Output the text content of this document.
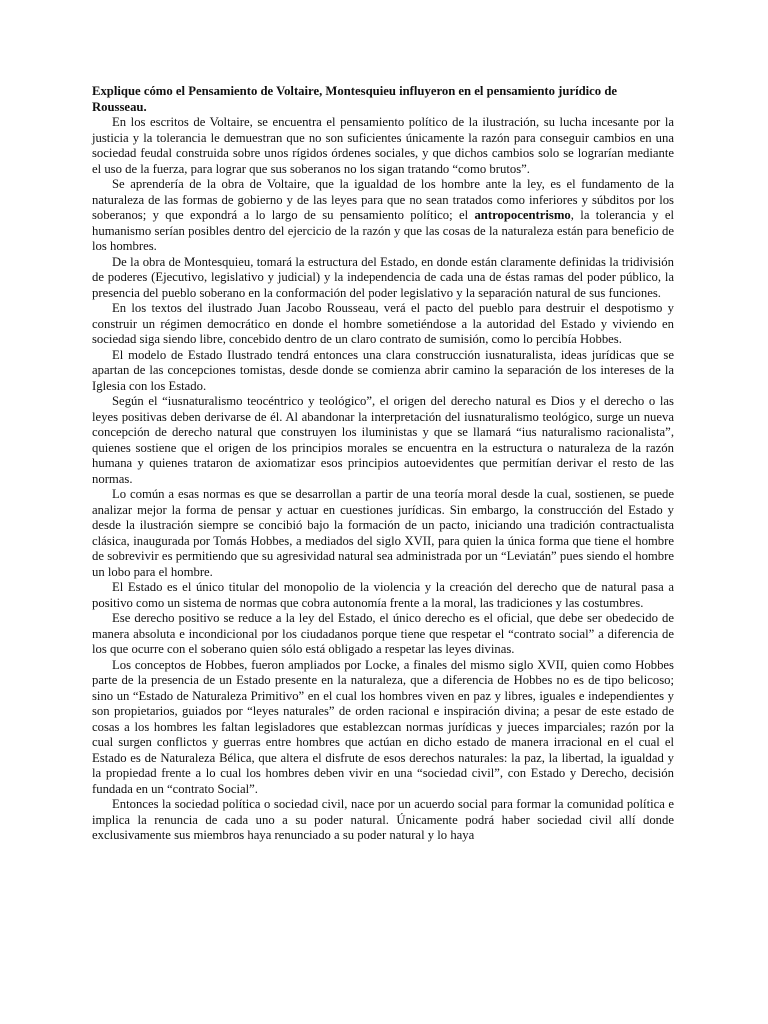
Explique cómo el Pensamiento de Voltaire, Montesquieu influyeron en el pensamiento jurídico de Rousseau.

En los escritos de Voltaire, se encuentra el pensamiento político de la ilustración, su lucha incesante por la justicia y la tolerancia le demuestran que no son suficientes únicamente la razón para conseguir cambios en una sociedad feudal construida sobre unos rígidos órdenes sociales, y que dichos cambios solo se lograrían mediante el uso de la fuerza, para lograr que sus soberanos no los sigan tratando “como brutos”.

Se aprendería de la obra de Voltaire, que la igualdad de los hombre ante la ley, es el fundamento de la naturaleza de las formas de gobierno y de las leyes para que no sean tratados como inferiores y súbditos por los soberanos; y que expondrá a lo largo de su pensamiento político; el antropocentrismo, la tolerancia y el humanismo serían posibles dentro del ejercicio de la razón y que las cosas de la naturaleza están para beneficio de los hombres.

De la obra de Montesquieu, tomará la estructura del Estado, en donde están claramente definidas la tridivisión de poderes (Ejecutivo, legislativo y judicial) y la independencia de cada una de éstas ramas del poder público, la presencia del pueblo soberano en la conformación del poder legislativo y la separación natural de sus funciones.

En los textos del ilustrado Juan Jacobo Rousseau, verá el pacto del pueblo para destruir el despotismo y construir un régimen democrático en donde el hombre sometiéndose a la autoridad del Estado y viviendo en sociedad siga siendo libre, concebido dentro de un claro contrato de sumisión, como lo percibía Hobbes.

El modelo de Estado Ilustrado tendrá entonces una clara construcción iusnaturalista, ideas jurídicas que se apartan de las concepciones tomistas, desde donde se comienza abrir camino la separación de los intereses de la Iglesia con los Estado.

Según el “iusnaturalismo teocéntrico y teológico”, el origen del derecho natural es Dios y el derecho o las leyes positivas deben derivarse de él. Al abandonar la interpretación del iusnaturalismo teológico, surge un nueva concepción de derecho natural que construyen los iluministas y que se llamará “ius naturalismo racionalista”, quienes sostiene que el origen de los principios morales se encuentra en la estructura o naturaleza de la razón humana y quienes trataron de axiomatizar esos principios autoevidentes que permitían derivar el resto de las normas.

Lo común a esas normas es que se desarrollan a partir de una teoría moral desde la cual, sostienen, se puede analizar mejor la forma de pensar y actuar en cuestiones jurídicas. Sin embargo, la construcción del Estado y desde la ilustración siempre se concibió bajo la formación de un pacto, iniciando una tradición contractualista clásica, inaugurada por Tomás Hobbes, a mediados del siglo XVII, para quien la única forma que tiene el hombre de sobrevivir es permitiendo que su agresividad natural sea administrada por un “Leviatán” pues siendo el hombre un lobo para el hombre.

El Estado es el único titular del monopolio de la violencia y la creación del derecho que de natural pasa a positivo como un sistema de normas que cobra autonomía frente a la moral, las tradiciones y las costumbres.

Ese derecho positivo se reduce a la ley del Estado, el único derecho es el oficial, que debe ser obedecido de manera absoluta e incondicional por los ciudadanos porque tiene que respetar el “contrato social” a diferencia de los que ocurre con el soberano quien sólo está obligado a respetar las leyes divinas.

Los conceptos de Hobbes, fueron ampliados por Locke, a finales del mismo siglo XVII, quien como Hobbes parte de la presencia de un Estado presente en la naturaleza, que a diferencia de Hobbes no es de tipo belicoso; sino un “Estado de Naturaleza Primitivo” en el cual los hombres viven en paz y libres, iguales e independientes y son propietarios, guiados por “leyes naturales” de orden racional e inspiración divina; a pesar de este estado de cosas a los hombres les faltan legisladores que establezcan normas jurídicas y jueces imparciales; razón por la cual surgen conflictos y guerras entre hombres que actúan en dicho estado de manera irracional en el cual el Estado es de Naturaleza Bélica, que altera el disfrute de esos derechos naturales: la paz, la libertad, la igualdad y la propiedad frente a lo cual los hombres deben vivir en una “sociedad civil”, con Estado y Derecho, decisión fundada en un “contrato Social”.

Entonces la sociedad política o sociedad civil, nace por un acuerdo social para formar la comunidad política e implica la renuncia de cada uno a su poder natural. Únicamente podrá haber sociedad civil allí donde exclusivamente sus miembros haya renunciado a su poder natural y lo haya
